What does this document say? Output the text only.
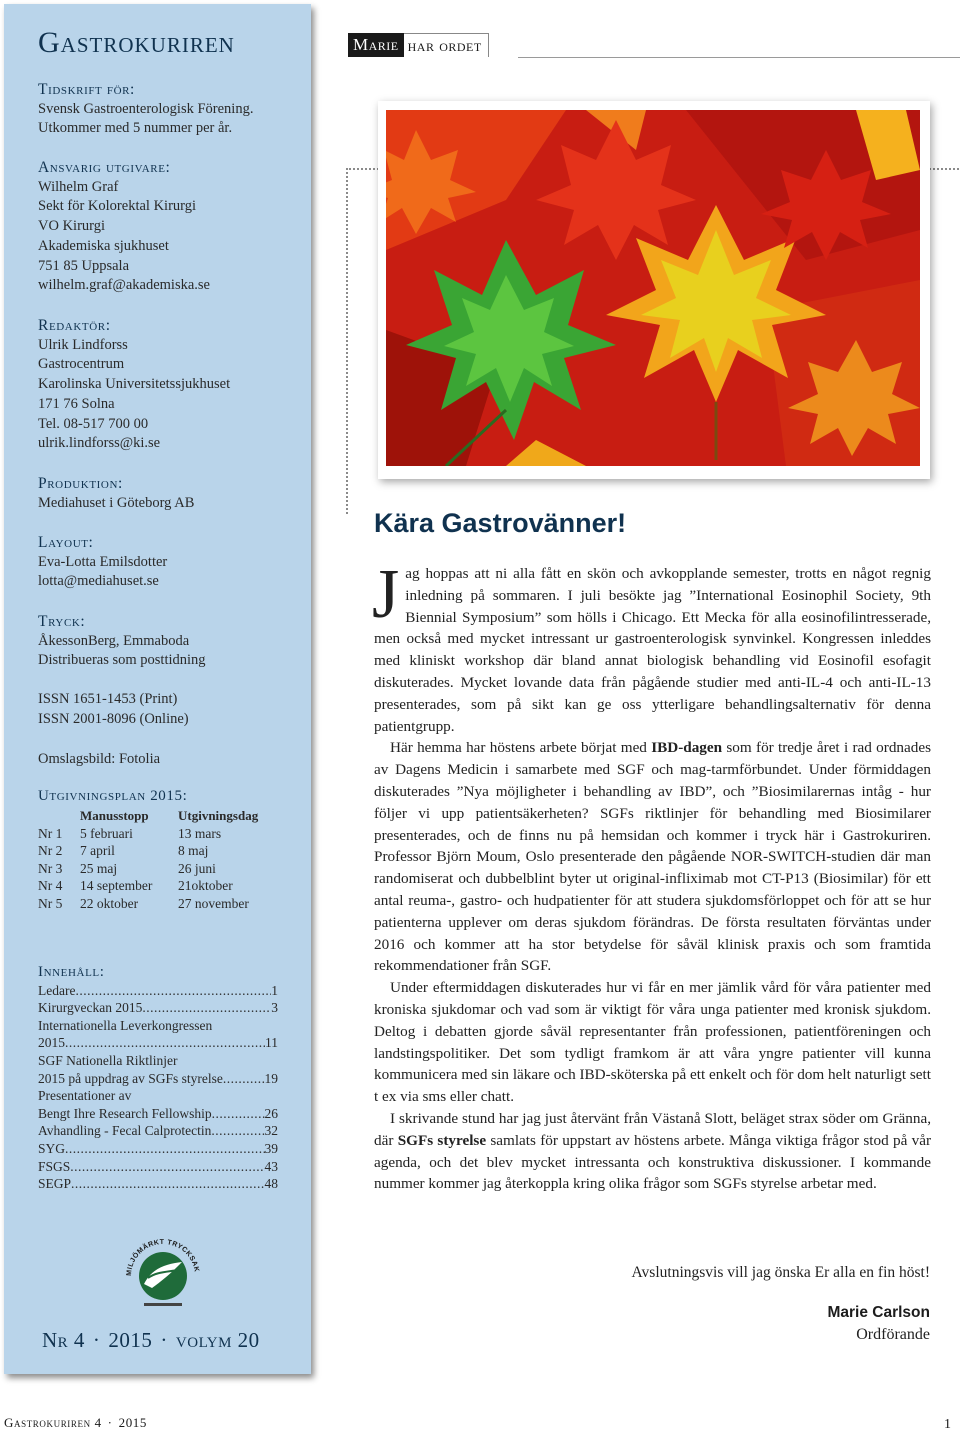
Gastrokuriren
Tidskrift för:
Svensk Gastroenterologisk Förening.
Utkommer med 5 nummer per år.
Ansvarig utgivare:
Wilhelm Graf
Sekt för Kolorektal Kirurgi
VO Kirurgi
Akademiska sjukhuset
751 85 Uppsala
wilhelm.graf@akademiska.se
Redaktör:
Ulrik Lindforss
Gastrocentrum
Karolinska Universitetssjukhuset
171 76 Solna
Tel. 08-517 700 00
ulrik.lindforss@ki.se
Produktion:
Mediahuset i Göteborg AB
Layout:
Eva-Lotta Emilsdotter
lotta@mediahuset.se
Tryck:
ÅkessonBerg, Emmaboda
Distribueras som posttidning
ISSN 1651-1453 (Print)
ISSN 2001-8096 (Online)
Omslagsbild: Fotolia
Utgivningsplan 2015:
	Manusstopp	Utgivningsdag
Nr 1	5 februari	13 mars
Nr 2	7 april	8 maj
Nr 3	25 maj	26 juni
Nr 4	14 september	21oktober
Nr 5	22 oktober	27 november
Innehåll:
Ledare .....	1
Kirurgveckan 2015 .....	3
Internationella Leverkongressen
2015 .....	11
SGF Nationella Riktlinjer
2015 på uppdrag av SGFs styrelse .....	19
Presentationer av
Bengt Ihre Research Fellowship .....	26
Avhandling - Fecal Calprotectin .....	32
SYG .....	39
FSGS .....	43
SEGP .....	48
MILJÖMÄRKT TRYCKSAK
Nr 4 · 2015 · volym 20
Marie har ordet
Kära Gastrovänner!

Jag hoppas att ni alla fått en skön och avkopplande semester, trotts en något regnig inledning på sommaren. I juli besökte jag ”International Eosinophil Society, 9th Biennial Symposium” som hölls i Chicago. Ett Mecka för alla eosinofilintresserade, men också med mycket intressant ur gastroenterologisk synvinkel. Kongressen inleddes med kliniskt workshop där bland annat biologisk behandling vid Eosinofil esofagit diskuterades. Mycket lovande data från pågående studier med anti-IL-4 och anti-IL-13 presenterades, som på sikt kan ge oss ytterligare behandlingsalternativ för denna patientgrupp.

Här hemma har höstens arbete börjat med IBD-dagen som för tredje året i rad ordnades av Dagens Medicin i samarbete med SGF och mag-tarmförbundet. Under förmiddagen diskuterades ”Nya möjligheter i behandling av IBD”, och ”Biosimilarernas intåg - hur följer vi upp patientsäkerheten? SGFs riktlinjer för behandling med Biosimilarer presenterades, och de finns nu på hemsidan och kommer i tryck här i Gastrokuriren. Professor Björn Moum, Oslo presenterade den pågående NOR-SWITCH-studien där man randomiserat och dubbelblint byter ut original-infliximab mot CT-P13 (Biosimilar) för ett antal reuma-, gastro- och hudpatienter för att studera sjukdomsförloppet och för att se hur patienterna upplever om deras sjukdom förändras. De första resultaten förväntas under 2016 och kommer att ha stor betydelse för såväl klinisk praxis och som framtida rekommendationer från SGF.

Under eftermiddagen diskuterades hur vi får en mer jämlik vård för våra patienter med kroniska sjukdomar och vad som är viktigt för våra unga patienter med kronisk sjukdom. Deltog i debatten gjorde såväl representanter från professionen, patientföreningen och landstingspolitiker. Det som tydligt framkom är att våra yngre patienter vill kunna kommunicera med sin läkare och IBD-sköterska på ett enkelt och för dom helt naturligt sett t ex via sms eller chatt.

I skrivande stund har jag just återvänt från Västanå Slott, beläget strax söder om Gränna, där SGFs styrelse samlats för uppstart av höstens arbete. Många viktiga frågor stod på vår agenda, och det blev mycket intressanta och konstruktiva diskussioner. I kommande nummer kommer jag återkoppla kring olika frågor som SGFs styrelse arbetar med.

Avslutningsvis vill jag önska Er alla en fin höst!
Marie Carlson
Ordförande
Gastrokuriren 4 · 2015	1
